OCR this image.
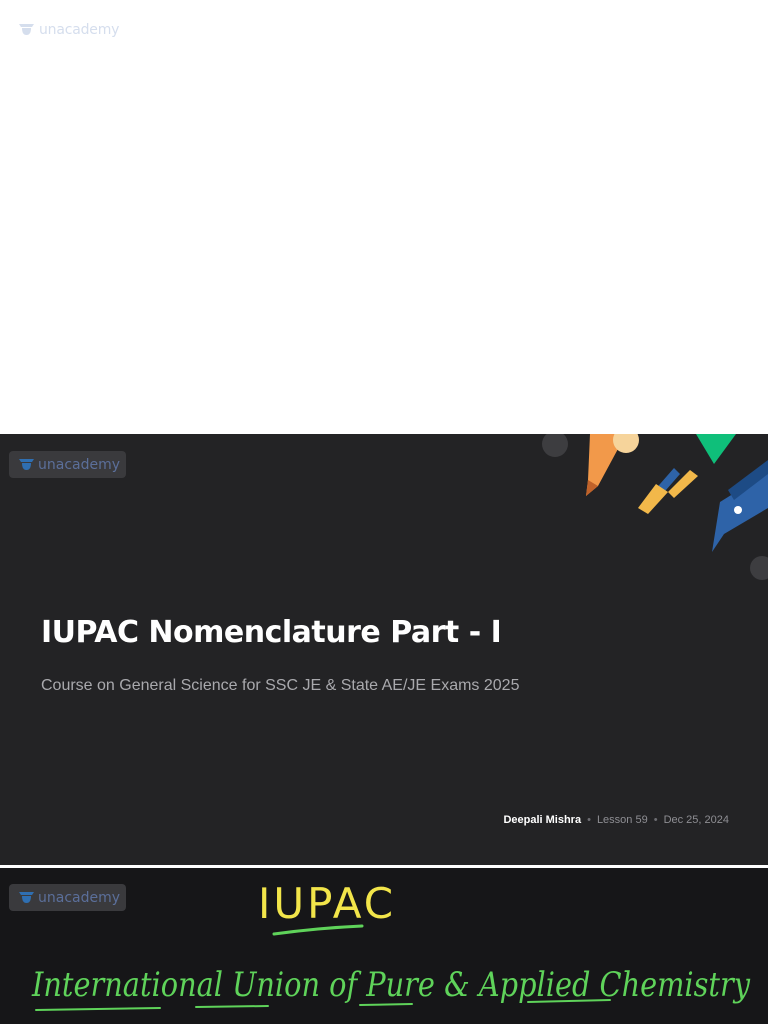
unacademy
unacademy
IUPAC Nomenclature Part - I
Course on General Science for SSC JE & State AE/JE Exams 2025
Deepali Mishra • Lesson 59 • Dec 25, 2024
unacademy	IUPAC
International Union of Pure & Applied Chemistry
